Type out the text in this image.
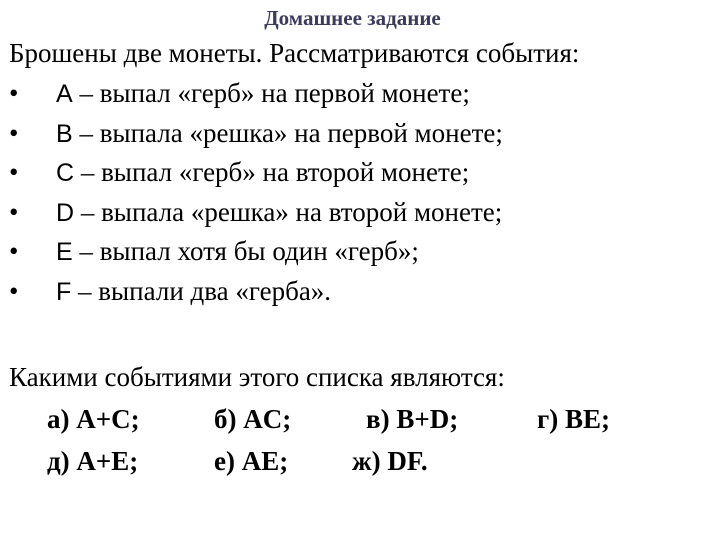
Домашнее задание
Брошены две монеты. Рассматриваются события:
• A – выпал «герб» на первой монете;
• B – выпала «решка» на первой монете;
• C – выпал «герб» на второй монете;
• D – выпала «решка» на второй монете;
• E – выпал хотя бы один «герб»;
• F – выпали два «герба».
Какими событиями этого списка являются:
а) A+C;	б) AC;	в) B+D;	г) BE;
д) A+E;	е) AE; ж) DF.
